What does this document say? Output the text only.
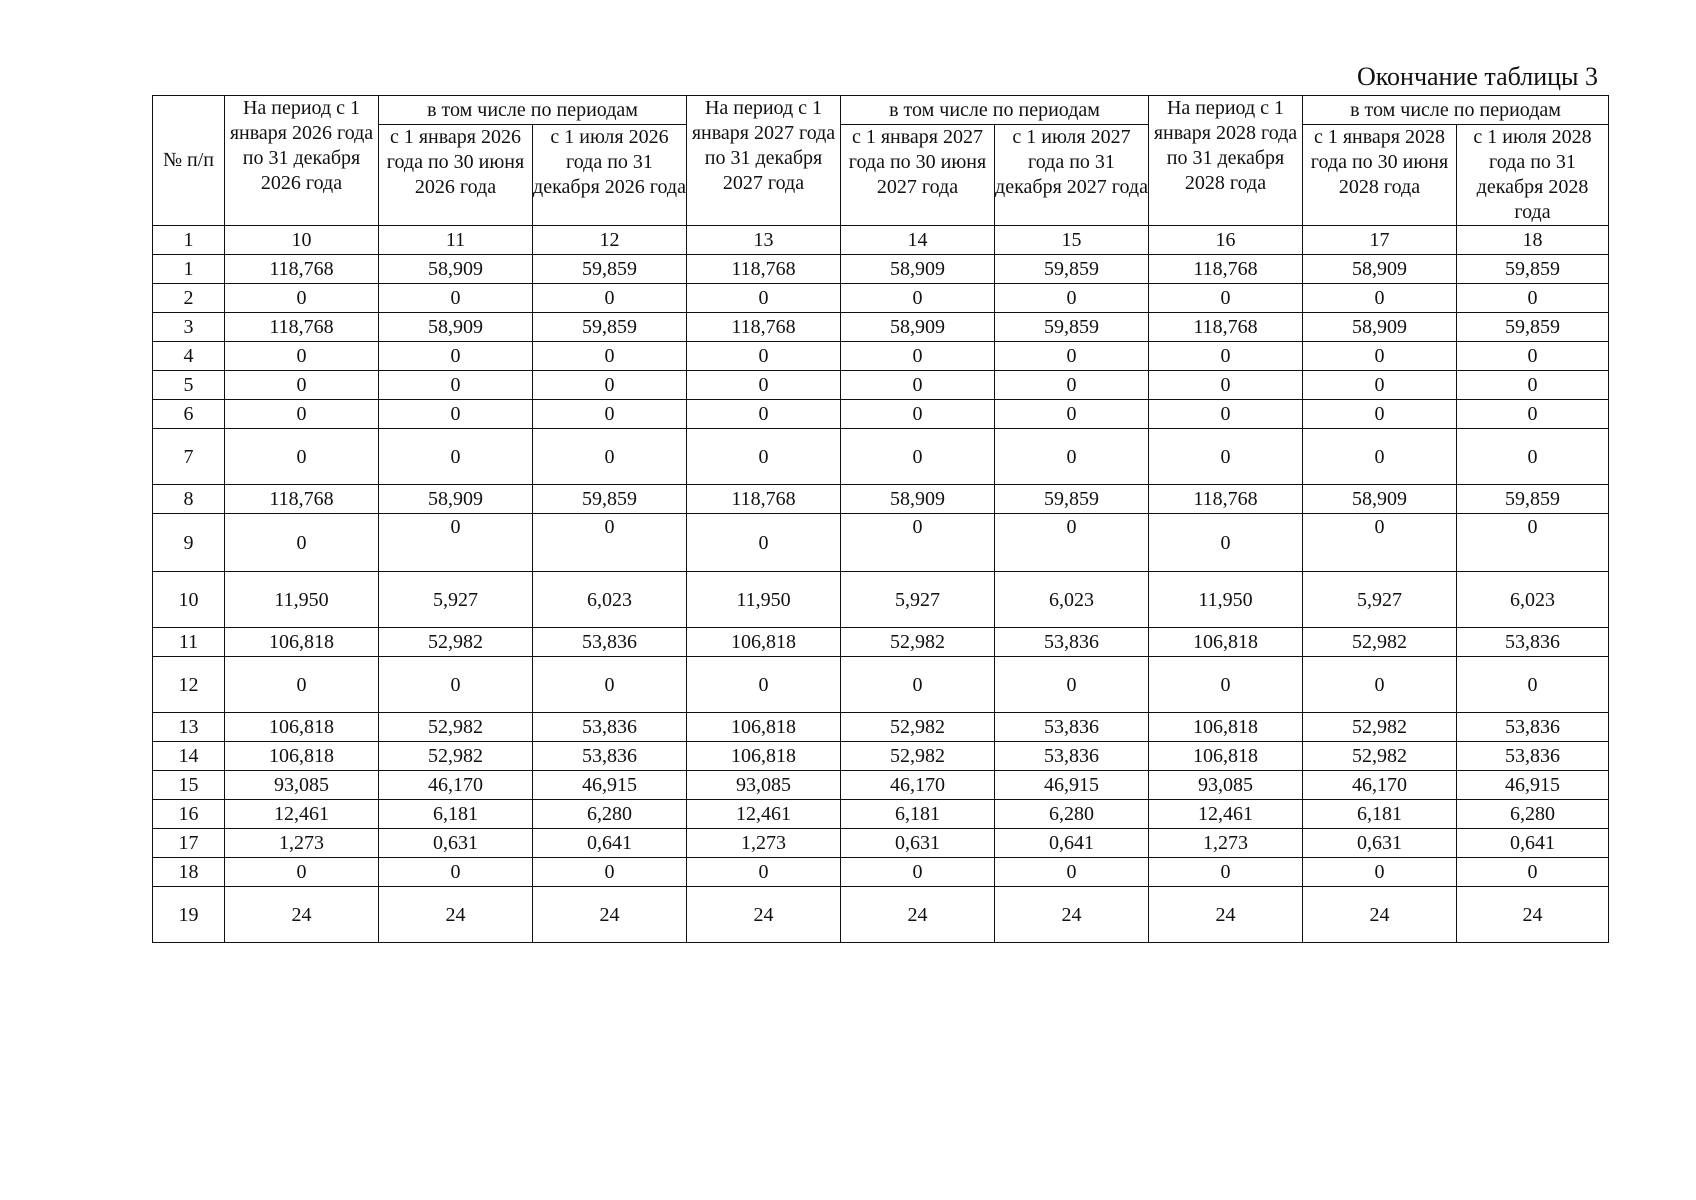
Окончание таблицы 3
№ п/п	На период с 1 января 2026 года по 31 декабря 2026 года	в том числе по периодам		На период с 1 января 2027 года по 31 декабря 2027 года	в том числе по периодам		На период с 1 января 2028 года по 31 декабря 2028 года	в том числе по периодам	
		с 1 января 2026 года по 30 июня 2026 года	с 1 июля 2026 года по 31 декабря 2026 года		с 1 января 2027 года по 30 июня 2027 года	с 1 июля 2027 года по 31 декабря 2027 года		с 1 января 2028 года по 30 июня 2028 года	с 1 июля 2028 года по 31 декабря 2028 года
1	10	11	12	13	14	15	16	17	18
1	118,768	58,909	59,859	118,768	58,909	59,859	118,768	58,909	59,859
2	0	0	0	0	0	0	0	0	0
3	118,768	58,909	59,859	118,768	58,909	59,859	118,768	58,909	59,859
4	0	0	0	0	0	0	0	0	0
5	0	0	0	0	0	0	0	0	0
6	0	0	0	0	0	0	0	0	0
7	0	0	0	0	0	0	0	0	0
8	118,768	58,909	59,859	118,768	58,909	59,859	118,768	58,909	59,859
9	0	0	0	0	0	0	0	0	0
10	11,950	5,927	6,023	11,950	5,927	6,023	11,950	5,927	6,023
11	106,818	52,982	53,836	106,818	52,982	53,836	106,818	52,982	53,836
12	0	0	0	0	0	0	0	0	0
13	106,818	52,982	53,836	106,818	52,982	53,836	106,818	52,982	53,836
14	106,818	52,982	53,836	106,818	52,982	53,836	106,818	52,982	53,836
15	93,085	46,170	46,915	93,085	46,170	46,915	93,085	46,170	46,915
16	12,461	6,181	6,280	12,461	6,181	6,280	12,461	6,181	6,280
17	1,273	0,631	0,641	1,273	0,631	0,641	1,273	0,631	0,641
18	0	0	0	0	0	0	0	0	0
19	24	24	24	24	24	24	24	24	24
